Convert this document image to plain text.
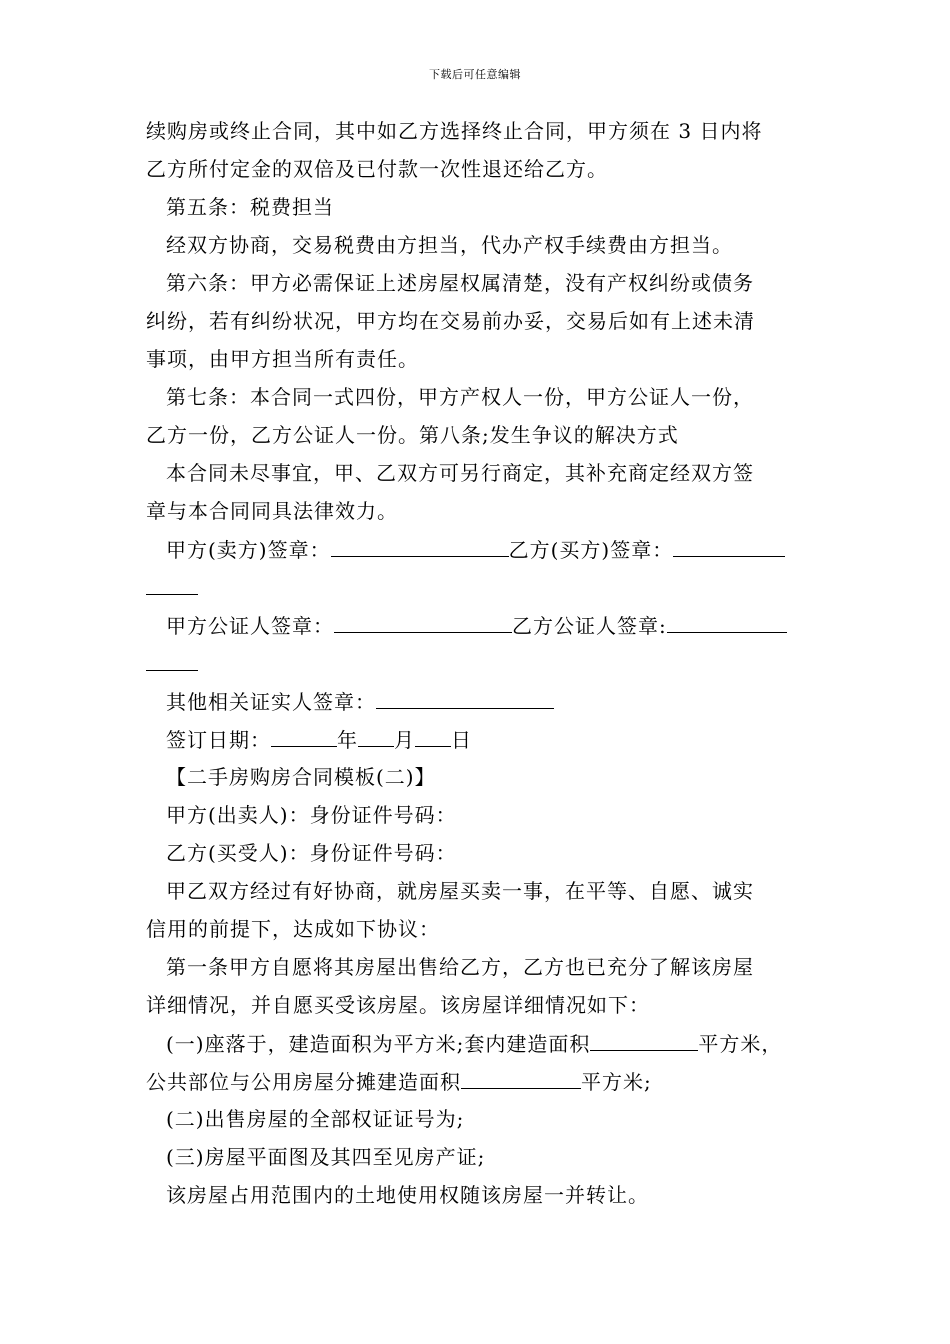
下载后可任意编辑
续购房或终止合同，其中如乙方选择终止合同，甲方须在 3 日内将
乙方所付定金的双倍及已付款一次性退还给乙方。
第五条：税费担当
经双方协商，交易税费由方担当，代办产权手续费由方担当。
第六条：甲方必需保证上述房屋权属清楚，没有产权纠纷或债务
纠纷，若有纠纷状况，甲方均在交易前办妥，交易后如有上述未清
事项，由甲方担当所有责任。
第七条：本合同一式四份，甲方产权人一份，甲方公证人一份，
乙方一份，乙方公证人一份。第八条;发生争议的解决方式
本合同未尽事宜，甲、乙双方可另行商定，其补充商定经双方签
章与本合同同具法律效力。
甲方(卖方)签章：	乙方(买方)签章：
甲方公证人签章：	乙方公证人签章:
其他相关证实人签章：
签订日期：	年 月 日
【二手房购房合同模板(二)】
甲方(出卖人)：身份证件号码：
乙方(买受人)：身份证件号码：
甲乙双方经过有好协商，就房屋买卖一事，在平等、自愿、诚实
信用的前提下，达成如下协议：
第一条甲方自愿将其房屋出售给乙方，乙方也已充分了解该房屋
详细情况，并自愿买受该房屋。该房屋详细情况如下：
(一)座落于，建造面积为平方米;套内建造面积	平方米，
公共部位与公用房屋分摊建造面积	平方米;
(二)出售房屋的全部权证证号为;
(三)房屋平面图及其四至见房产证;
该房屋占用范围内的土地使用权随该房屋一并转让。
